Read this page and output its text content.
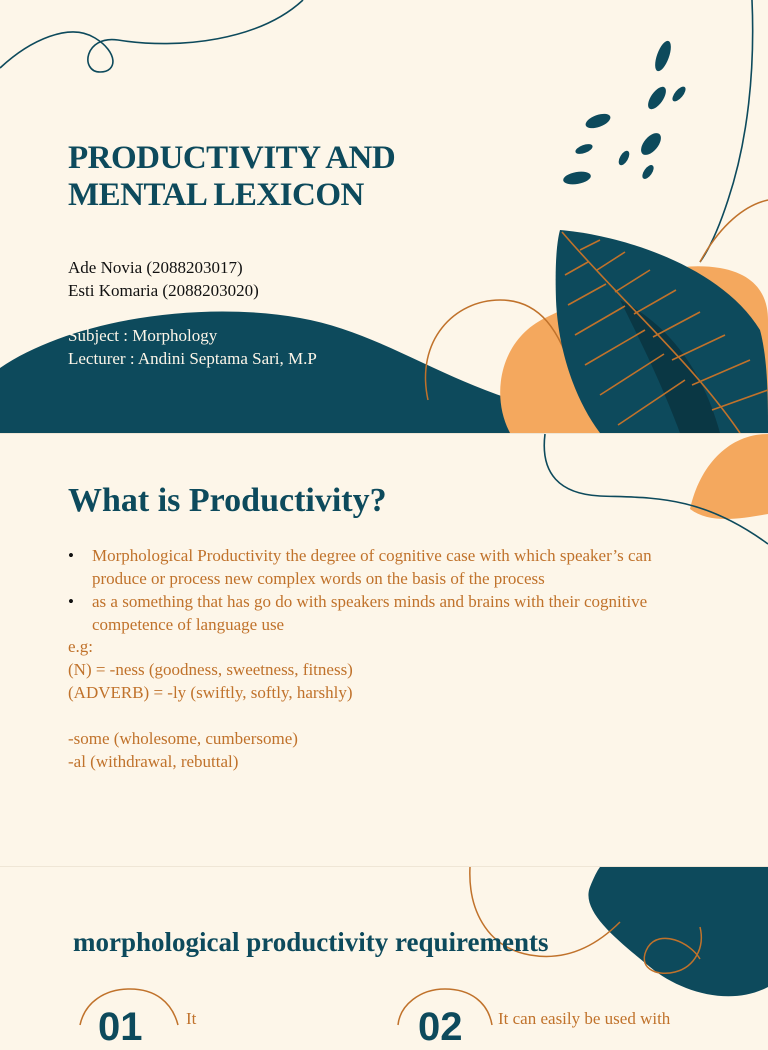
PRODUCTIVITY AND
MENTAL LEXICON
Ade Novia (2088203017)
Esti Komaria (2088203020)
Subject : Morphology
Lecturer : Andini Septama Sari, M.P
What is Productivity?
• Morphological Productivity the degree of cognitive case with which speaker’s can produce or process new complex words on the basis of the process
• as a something that has go do with speakers minds and brains with their cognitive competence of language use
e.g:
(N) = -ness (goodness, sweetness, fitness)
(ADVERB) = -ly (swiftly, softly, harshly)
-some (wholesome, cumbersome)
-al (withdrawal, rebuttal)
morphological productivity requirements
01	It	02 It can easily be used with
